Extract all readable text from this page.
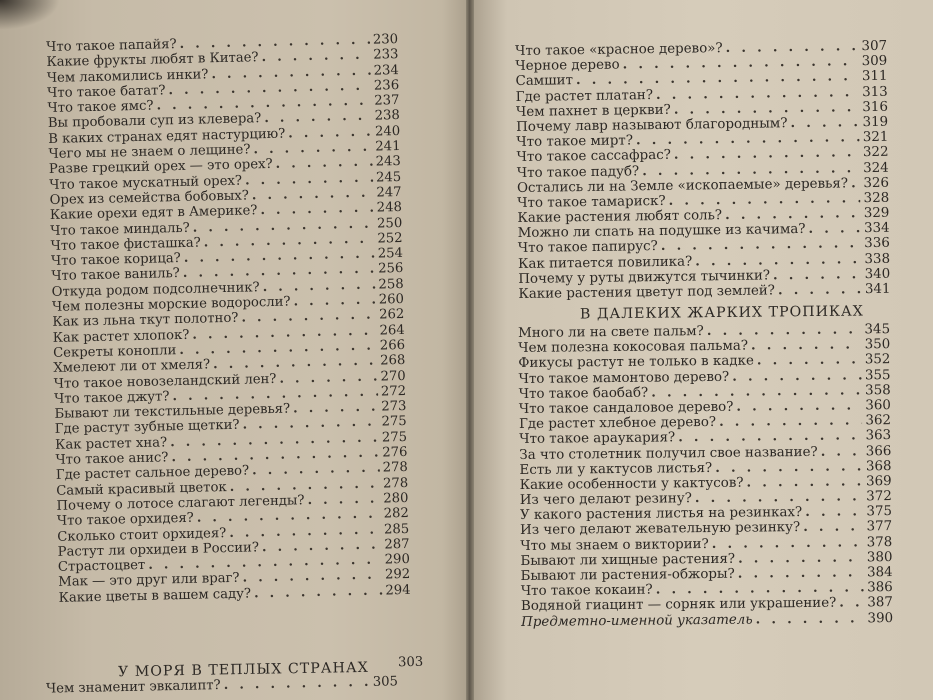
Что такое папайя? . . .	230
Какие фрукты любят в Китае? . . .	233
Чем лакомились инки? . . .	234
Что такое батат? . . .	236
Что такое ямс? . . .	237
Вы пробовали суп из клевера? . . .	238
В каких странах едят настурцию? . . .	240
Чего мы не знаем о лещине? . . .	241
Разве грецкий орех — это орех? . . .	243
Что такое мускатный орех? . . .	245
Орех из семейства бобовых? . . .	247
Какие орехи едят в Америке? . . .	248
Что такое миндаль? . . .	250
Что такое фисташка? . . .	252
Что такое корица? . . .	254
Что такое ваниль? . . .	256
Откуда родом подсолнечник? . . .	258
Чем полезны морские водоросли? . . .	260
Как из льна ткут полотно? . . .	262
Как растет хлопок? . . .	264
Секреты конопли . . .	266
Хмелеют ли от хмеля? . . .	268
Что такое новозеландский лен? . . .	270
Что такое джут? . . .	272
Бывают ли текстильные деревья? . . .	273
Где растут зубные щетки? . . .	275
Как растет хна? . . .	275
Что такое анис? . . .	276
Где растет сальное дерево? . . .	278
Самый красивый цветок . . .	278
Почему о лотосе слагают легенды? . . .	280
Что такое орхидея? . . .	282
Сколько стоит орхидея? . . .	285
Растут ли орхидеи в России? . . .	287
Страстоцвет . . .	290
Мак — это друг или враг? . . .	292
Какие цветы в вашем саду? . . .	294
У МОРЯ В ТЕПЛЫХ СТРАНАХ 303
Чем знаменит эвкалипт? . . .	305
Что такое «красное дерево»? . . .	307
Черное дерево . . .	309
Самшит . . .	311
Где растет платан? . . .	313
Чем пахнет в церкви? . . .	316
Почему лавр называют благородным? . . .	319
Что такое мирт? . . .	321
Что такое сассафрас? . . .	322
Что такое падуб? . . .	324
Остались ли на Земле «ископаемые» деревья? . . . 326
Что такое тамариск? . . .	328
Какие растения любят соль? . . .	329
Можно ли спать на подушке из качима? . . .	334
Что такое папирус? . . .	336
Как питается повилика? . . .	338
Почему у руты движутся тычинки? . . .	340
Какие растения цветут под землей? . . .	341
В ДАЛЕКИХ ЖАРКИХ ТРОПИКАХ
Много ли на свете пальм? . . .	345
Чем полезна кокосовая пальма? . . .	350
Фикусы растут не только в кадке . . .	352
Что такое мамонтово дерево? . . .	355
Что такое баобаб? . . .	358
Что такое сандаловое дерево? . . .	360
Где растет хлебное дерево? . . .	362
Что такое араукария? . . .	363
За что столетник получил свое название? . . .	366
Есть ли у кактусов листья? . . .	368
Какие особенности у кактусов? . . .	369
Из чего делают резину? . . .	372
У какого растения листья на резинках? . . .	375
Из чего делают жевательную резинку? . . .	377
Что мы знаем о виктории? . . .	378
Бывают ли хищные растения? . . .	380
Бывают ли растения-обжоры? . . .	384
Что такое кокаин? . . .	386
Водяной гиацинт — сорняк или украшение? . . . 387
Предметно-именной указатель . . .	390
